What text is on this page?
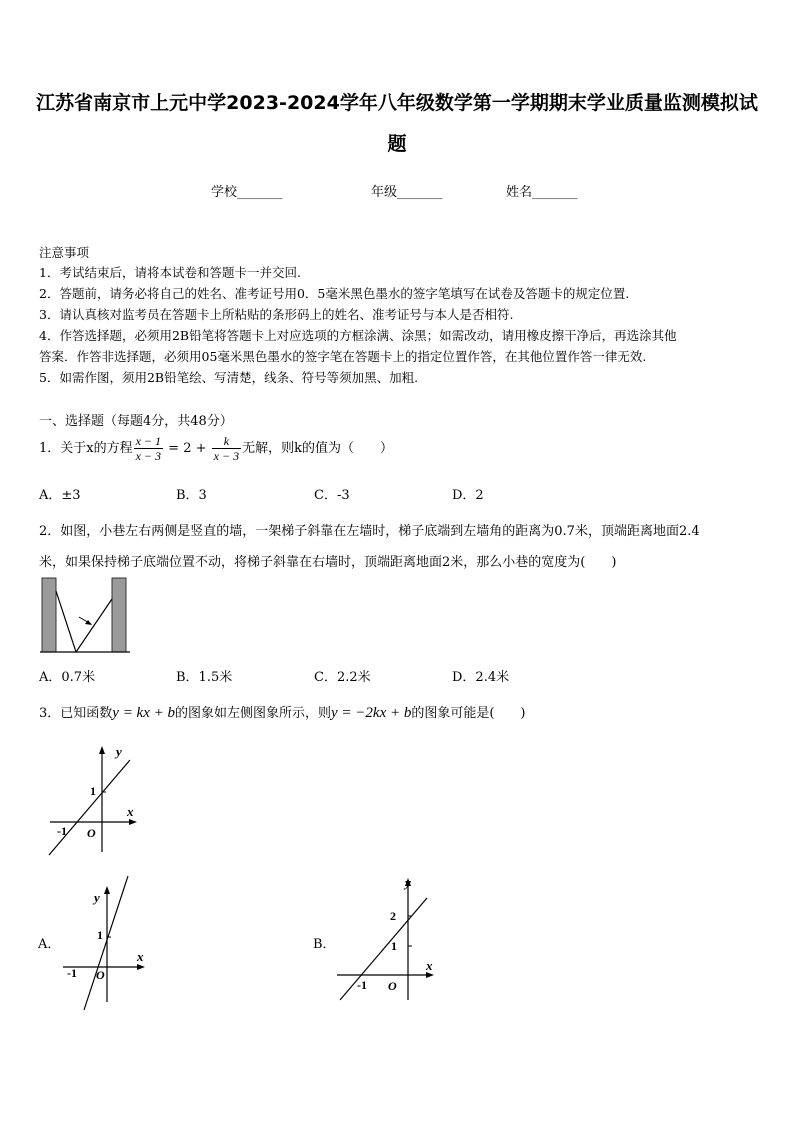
江苏省南京市上元中学2023-2024学年八年级数学第一学期期末学业质量监测模拟试
题
学校_______	年级_______	姓名_______
注意事项
1．考试结束后，请将本试卷和答题卡一并交回.
2．答题前，请务必将自己的姓名、准考证号用0．5毫米黑色墨水的签字笔填写在试卷及答题卡的规定位置.
3．请认真核对监考员在答题卡上所粘贴的条形码上的姓名、准考证号与本人是否相符.
4．作答选择题，必须用2B铅笔将答题卡上对应选项的方框涂满、涂黑；如需改动，请用橡皮擦干净后，再选涂其他
答案．作答非选择题，必须用05毫米黑色墨水的签字笔在答题卡上的指定位置作答，在其他位置作答一律无效.
5．如需作图，须用2B铅笔绘、写清楚，线条、符号等须加黑、加粗.
一、选择题（每题4分，共48分）
1．关于x的方程 $\frac{x - 1}{x - 3} = 2 + \frac{k}{x - 3}$ 无解，则k的值为（　　）
A．±3	B．3	C．-3	D．2
2．如图，小巷左右两侧是竖直的墙，一架梯子斜靠在左墙时，梯子底端到左墙角的距离为0.7米，顶端距离地面2.4
米，如果保持梯子底端位置不动，将梯子斜靠在右墙时，顶端距离地面2米，那么小巷的宽度为(　　)
A．0.7米	B．1.5米	C．2.2米	D．2.4米
3．已知函数y = kx + b的图象如左侧图象所示，则y = −2kx + b的图象可能是(　　)
y
x
O
1
-1
A．
y
x
O
1
-1
B．
y
x
O
2
1
-1
